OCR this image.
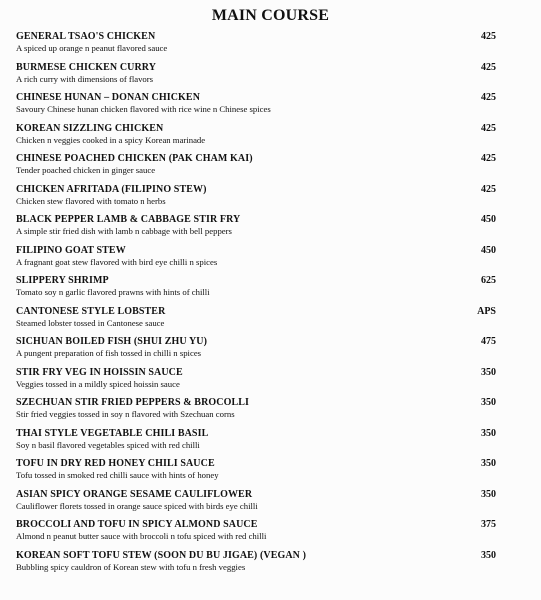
MAIN COURSE
GENERAL TSAO'S CHICKEN
A spiced up orange n peanut flavored sauce
425
BURMESE CHICKEN CURRY
A rich curry with dimensions of flavors
425
CHINESE HUNAN – DONAN CHICKEN
Savoury Chinese hunan chicken flavored with rice wine n Chinese spices
425
KOREAN SIZZLING CHICKEN
Chicken n veggies cooked in a spicy Korean marinade
425
CHINESE POACHED CHICKEN (PAK CHAM KAI)
Tender poached chicken in ginger sauce
425
CHICKEN AFRITADA (FILIPINO STEW)
Chicken stew flavored with tomato n herbs
425
BLACK PEPPER LAMB & CABBAGE STIR FRY
A simple stir fried dish with lamb n cabbage with bell peppers
450
FILIPINO GOAT STEW
A fragnant goat stew flavored with bird eye chilli n spices
450
SLIPPERY SHRIMP
Tomato soy n garlic flavored prawns with hints of chilli
625
CANTONESE STYLE LOBSTER
Steamed lobster tossed in Cantonese sauce
APS
SICHUAN BOILED FISH (SHUI ZHU YU)
A pungent preparation of fish tossed in chilli n spices
475
STIR FRY VEG IN HOISSIN SAUCE
Veggies tossed in a mildly spiced hoissin sauce
350
SZECHUAN STIR FRIED PEPPERS & BROCOLLI
Stir fried veggies tossed in soy n flavored with Szechuan corns
350
THAI STYLE VEGETABLE CHILI BASIL
Soy n basil flavored vegetables spiced with red chilli
350
TOFU IN DRY RED HONEY CHILI SAUCE
Tofu tossed in smoked red chilli sauce with hints of honey
350
ASIAN SPICY ORANGE SESAME CAULIFLOWER
Cauliflower florets tossed in orange sauce spiced with birds eye chilli
350
BROCCOLI AND TOFU IN SPICY ALMOND SAUCE
Almond n peanut butter sauce with broccoli n tofu spiced with red chilli
375
KOREAN SOFT TOFU STEW (SOON DU BU JIGAE) (VEGAN )
Bubbling spicy cauldron of Korean stew with tofu n fresh veggies
350
